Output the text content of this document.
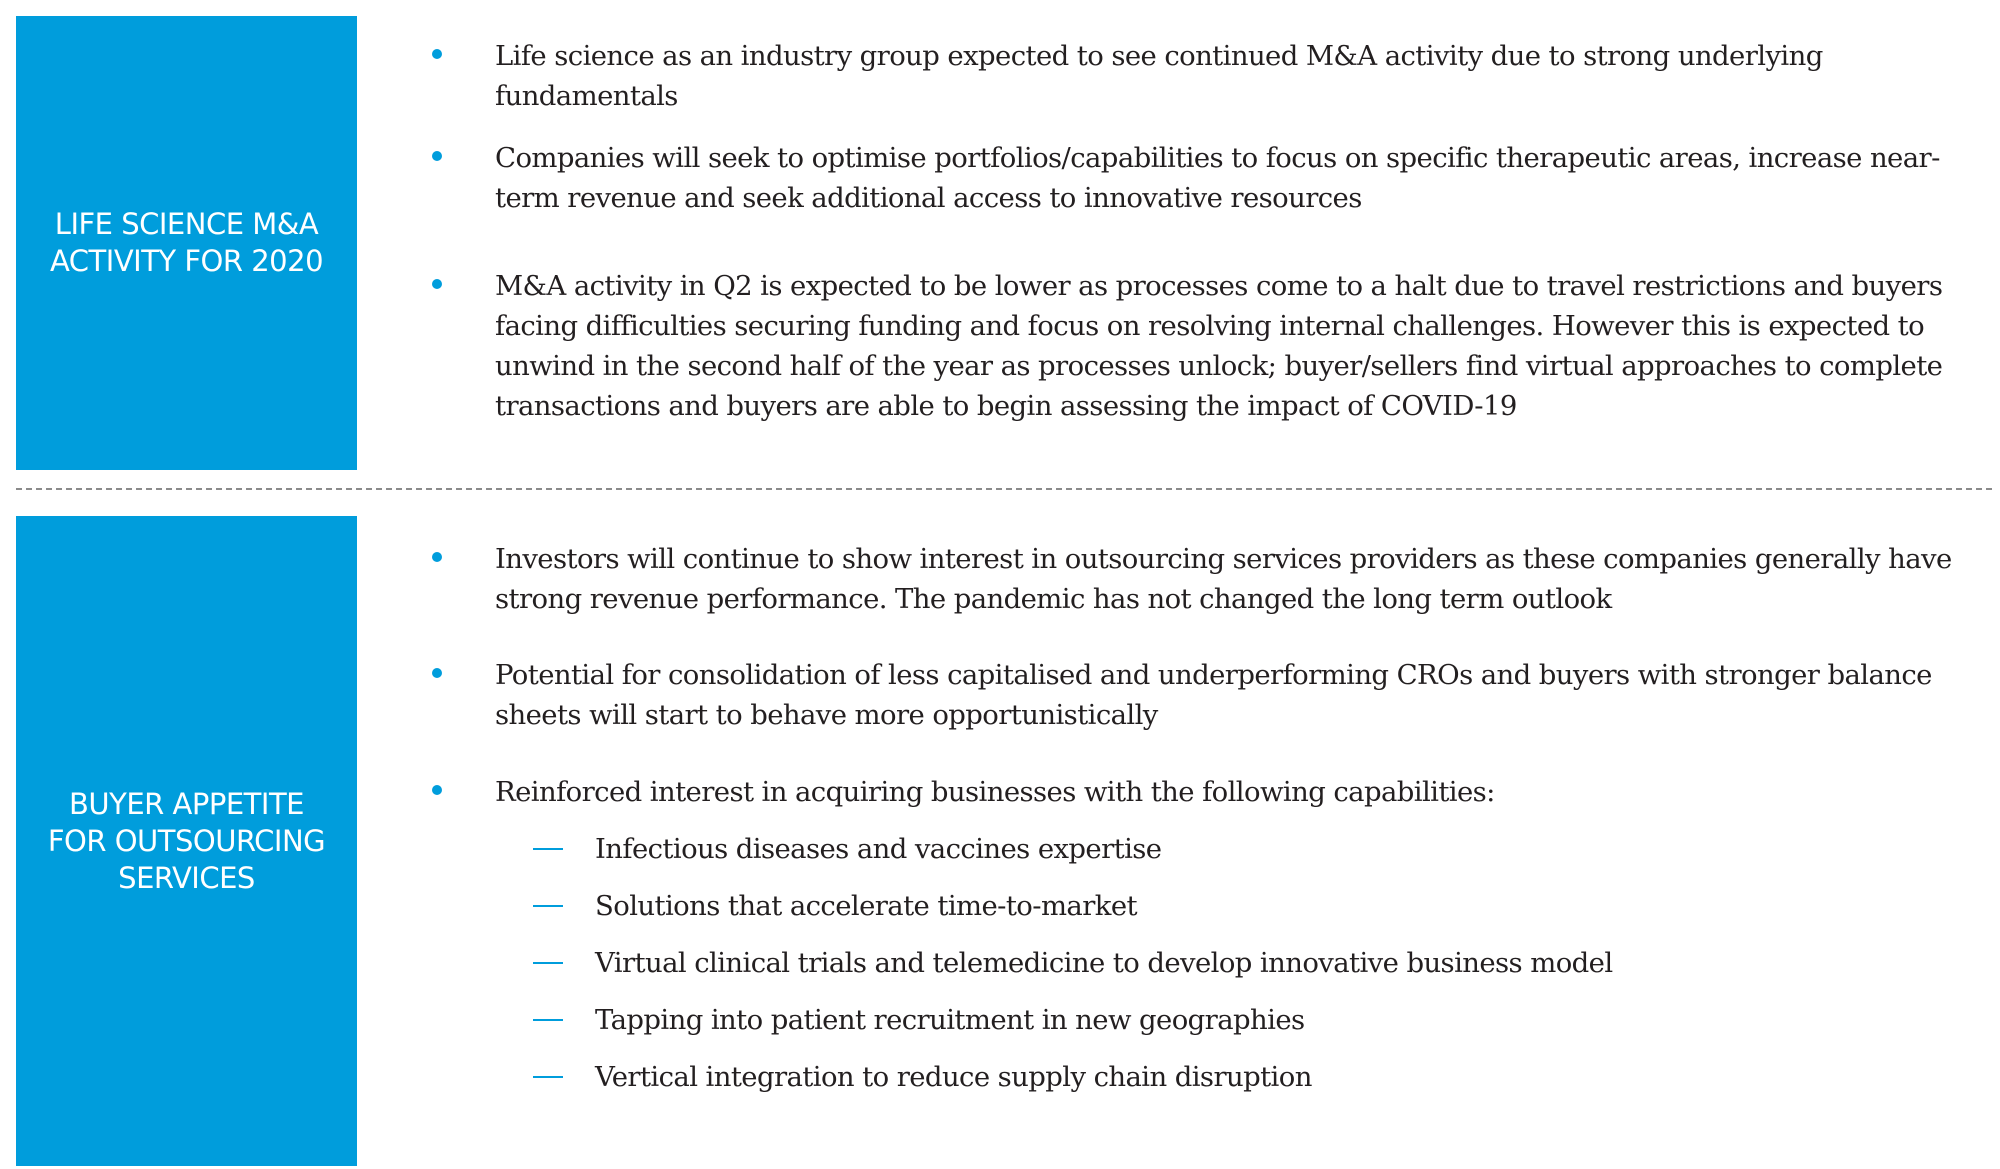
LIFE SCIENCE M&A ACTIVITY FOR 2020
Life science as an industry group expected to see continued M&A activity due to strong underlying fundamentals
Companies will seek to optimise portfolios/capabilities to focus on specific therapeutic areas, increase near-term revenue and seek additional access to innovative resources
M&A activity in Q2 is expected to be lower as processes come to a halt due to travel restrictions and buyers facing difficulties securing funding and focus on resolving internal challenges. However this is expected to unwind in the second half of the year as processes unlock; buyer/sellers find virtual approaches to complete transactions and buyers are able to begin assessing the impact of COVID-19
BUYER APPETITE FOR OUTSOURCING SERVICES
Investors will continue to show interest in outsourcing services providers as these companies generally have strong revenue performance. The pandemic has not changed the long term outlook
Potential for consolidation of less capitalised and underperforming CROs and buyers with stronger balance sheets will start to behave more opportunistically
Reinforced interest in acquiring businesses with the following capabilities:
Infectious diseases and vaccines expertise
Solutions that accelerate time-to-market
Virtual clinical trials and telemedicine to develop innovative business model
Tapping into patient recruitment in new geographies
Vertical integration to reduce supply chain disruption
